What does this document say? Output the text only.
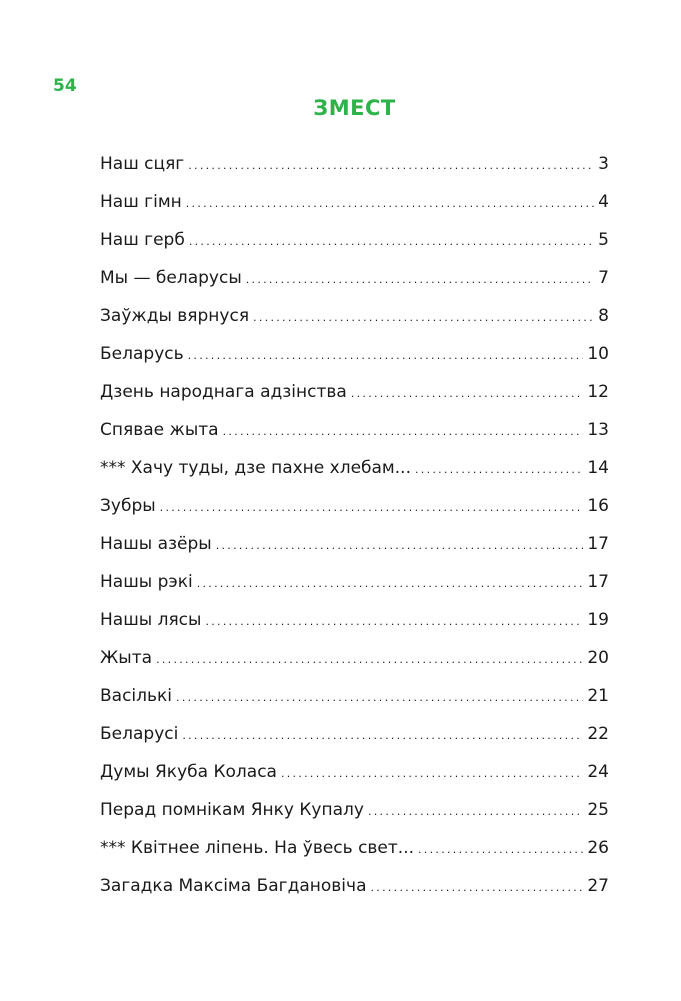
54
ЗМЕСТ
Наш сцяг . . .	3
Наш гімн . . .	4
Наш герб . . .	5
Мы — беларусы . . .	7
Заўжды вярнуся . . .	8
Беларусь . . .	10
Дзень народнага адзінства . . .	12
Спявае жыта . . .	13
*** Хачу туды, дзе пахне хлебам... . . .	14
Зубры . . .	16
Нашы азёры . . .	17
Нашы рэкі . . .	17
Нашы лясы . . .	19
Жыта . . .	20
Васількі . . .	21
Беларусі . . .	22
Думы Якуба Коласа . . .	24
Перад помнікам Янку Купалу . . .	25
*** Квітнее ліпень. На ўвесь свет... . . .	26
Загадка Максіма Багдановіча . . .	27
